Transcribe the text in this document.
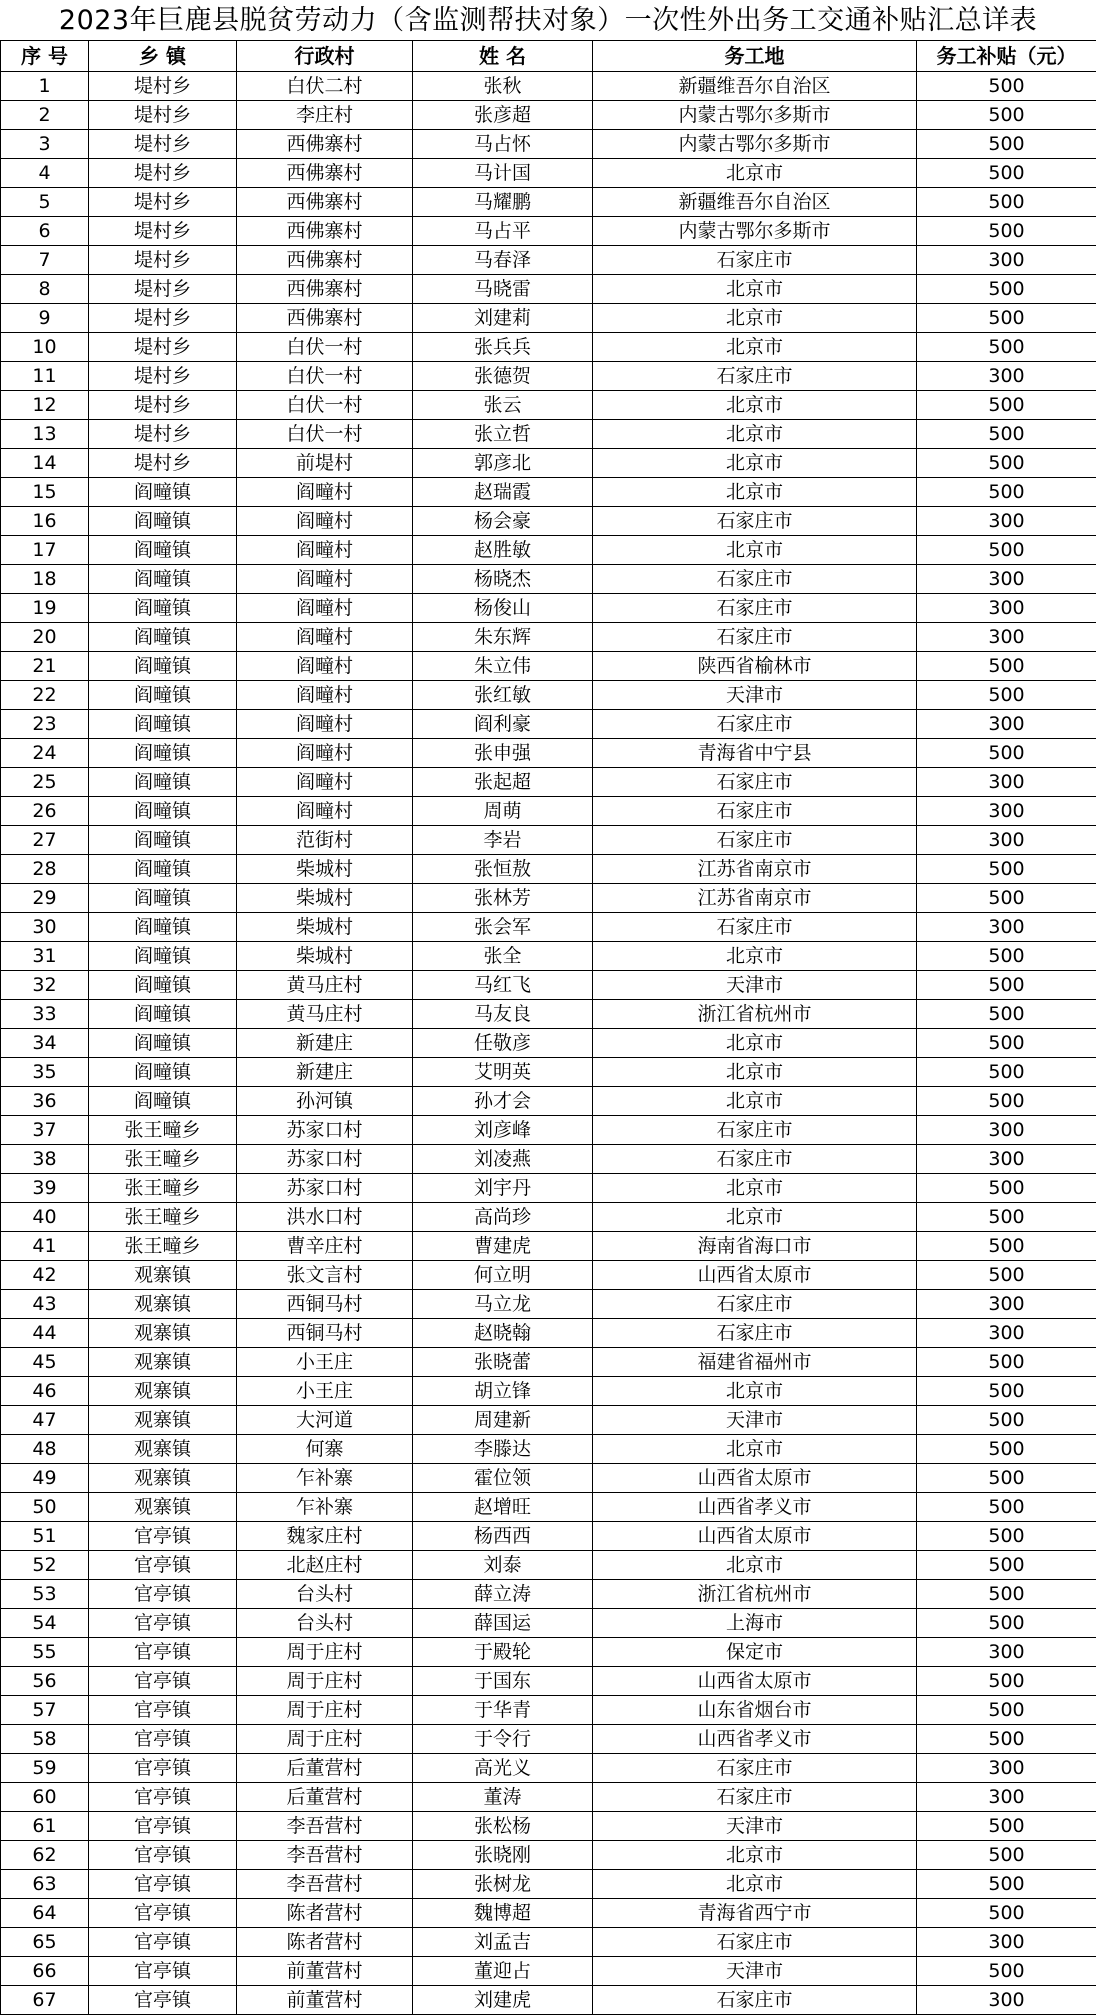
2023年巨鹿县脱贫劳动力（含监测帮扶对象）一次性外出务工交通补贴汇总详表
序 号	乡 镇	行政村	姓 名	务工地	务工补贴（元）
1	堤村乡	白伏二村	张秋	新疆维吾尔自治区	500
2	堤村乡	李庄村	张彦超	内蒙古鄂尔多斯市	500
3	堤村乡	西佛寨村	马占怀	内蒙古鄂尔多斯市	500
4	堤村乡	西佛寨村	马计国	北京市	500
5	堤村乡	西佛寨村	马耀鹏	新疆维吾尔自治区	500
6	堤村乡	西佛寨村	马占平	内蒙古鄂尔多斯市	500
7	堤村乡	西佛寨村	马春泽	石家庄市	300
8	堤村乡	西佛寨村	马晓雷	北京市	500
9	堤村乡	西佛寨村	刘建莉	北京市	500
10	堤村乡	白伏一村	张兵兵	北京市	500
11	堤村乡	白伏一村	张德贺	石家庄市	300
12	堤村乡	白伏一村	张云	北京市	500
13	堤村乡	白伏一村	张立哲	北京市	500
14	堤村乡	前堤村	郭彦北	北京市	500
15	阎疃镇	阎疃村	赵瑞霞	北京市	500
16	阎疃镇	阎疃村	杨会豪	石家庄市	300
17	阎疃镇	阎疃村	赵胜敏	北京市	500
18	阎疃镇	阎疃村	杨晓杰	石家庄市	300
19	阎疃镇	阎疃村	杨俊山	石家庄市	300
20	阎疃镇	阎疃村	朱东辉	石家庄市	300
21	阎疃镇	阎疃村	朱立伟	陕西省榆林市	500
22	阎疃镇	阎疃村	张红敏	天津市	500
23	阎疃镇	阎疃村	阎利豪	石家庄市	300
24	阎疃镇	阎疃村	张申强	青海省中宁县	500
25	阎疃镇	阎疃村	张起超	石家庄市	300
26	阎疃镇	阎疃村	周萌	石家庄市	300
27	阎疃镇	范街村	李岩	石家庄市	300
28	阎疃镇	柴城村	张恒敖	江苏省南京市	500
29	阎疃镇	柴城村	张林芳	江苏省南京市	500
30	阎疃镇	柴城村	张会军	石家庄市	300
31	阎疃镇	柴城村	张全	北京市	500
32	阎疃镇	黄马庄村	马红飞	天津市	500
33	阎疃镇	黄马庄村	马友良	浙江省杭州市	500
34	阎疃镇	新建庄	任敬彦	北京市	500
35	阎疃镇	新建庄	艾明英	北京市	500
36	阎疃镇	孙河镇	孙才会	北京市	500
37	张王疃乡	苏家口村	刘彦峰	石家庄市	300
38	张王疃乡	苏家口村	刘凌燕	石家庄市	300
39	张王疃乡	苏家口村	刘宇丹	北京市	500
40	张王疃乡	洪水口村	高尚珍	北京市	500
41	张王疃乡	曹辛庄村	曹建虎	海南省海口市	500
42	观寨镇	张文言村	何立明	山西省太原市	500
43	观寨镇	西铜马村	马立龙	石家庄市	300
44	观寨镇	西铜马村	赵晓翰	石家庄市	300
45	观寨镇	小王庄	张晓蕾	福建省福州市	500
46	观寨镇	小王庄	胡立锋	北京市	500
47	观寨镇	大河道	周建新	天津市	500
48	观寨镇	何寨	李滕达	北京市	500
49	观寨镇	乍补寨	霍位领	山西省太原市	500
50	观寨镇	乍补寨	赵增旺	山西省孝义市	500
51	官亭镇	魏家庄村	杨西西	山西省太原市	500
52	官亭镇	北赵庄村	刘泰	北京市	500
53	官亭镇	台头村	薛立涛	浙江省杭州市	500
54	官亭镇	台头村	薛国运	上海市	500
55	官亭镇	周于庄村	于殿轮	保定市	300
56	官亭镇	周于庄村	于国东	山西省太原市	500
57	官亭镇	周于庄村	于华青	山东省烟台市	500
58	官亭镇	周于庄村	于令行	山西省孝义市	500
59	官亭镇	后董营村	高光义	石家庄市	300
60	官亭镇	后董营村	董涛	石家庄市	300
61	官亭镇	李吾营村	张松杨	天津市	500
62	官亭镇	李吾营村	张晓刚	北京市	500
63	官亭镇	李吾营村	张树龙	北京市	500
64	官亭镇	陈者营村	魏博超	青海省西宁市	500
65	官亭镇	陈者营村	刘孟吉	石家庄市	300
66	官亭镇	前董营村	董迎占	天津市	500
67	官亭镇	前董营村	刘建虎	石家庄市	300
